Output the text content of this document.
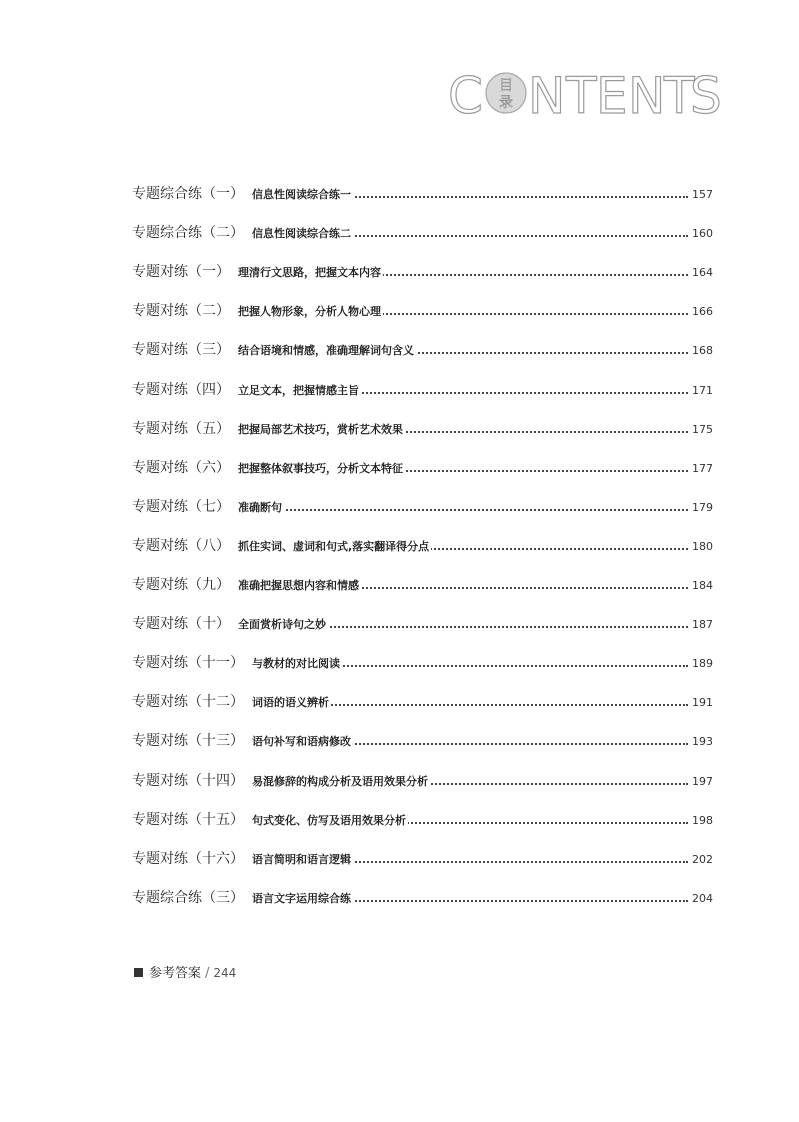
C 目
录 N T E N
T
S
专题综合练（一） 信息性阅读综合练一	157
专题综合练（二） 信息性阅读综合练二	160
专题对练（一） 理清行文思路，把握文本内容	164
专题对练（二） 把握人物形象，分析人物心理	166
专题对练（三） 结合语境和情感，准确理解词句含义	168
专题对练（四） 立足文本，把握情感主旨	171
专题对练（五） 把握局部艺术技巧，赏析艺术效果	175
专题对练（六） 把握整体叙事技巧，分析文本特征	177
专题对练（七） 准确断句	179
专题对练（八） 抓住实词、虚词和句式,落实翻译得分点	180
专题对练（九） 准确把握思想内容和情感	184
专题对练（十） 全面赏析诗句之妙	187
专题对练（十一） 与教材的对比阅读	189
专题对练（十二） 词语的语义辨析	191
专题对练（十三） 语句补写和语病修改	193
专题对练（十四） 易混修辞的构成分析及语用效果分析	197
专题对练（十五） 句式变化、仿写及语用效果分析	198
专题对练（十六） 语言简明和语言逻辑	202
专题综合练（三） 语言文字运用综合练	204
参考答案 / 244
